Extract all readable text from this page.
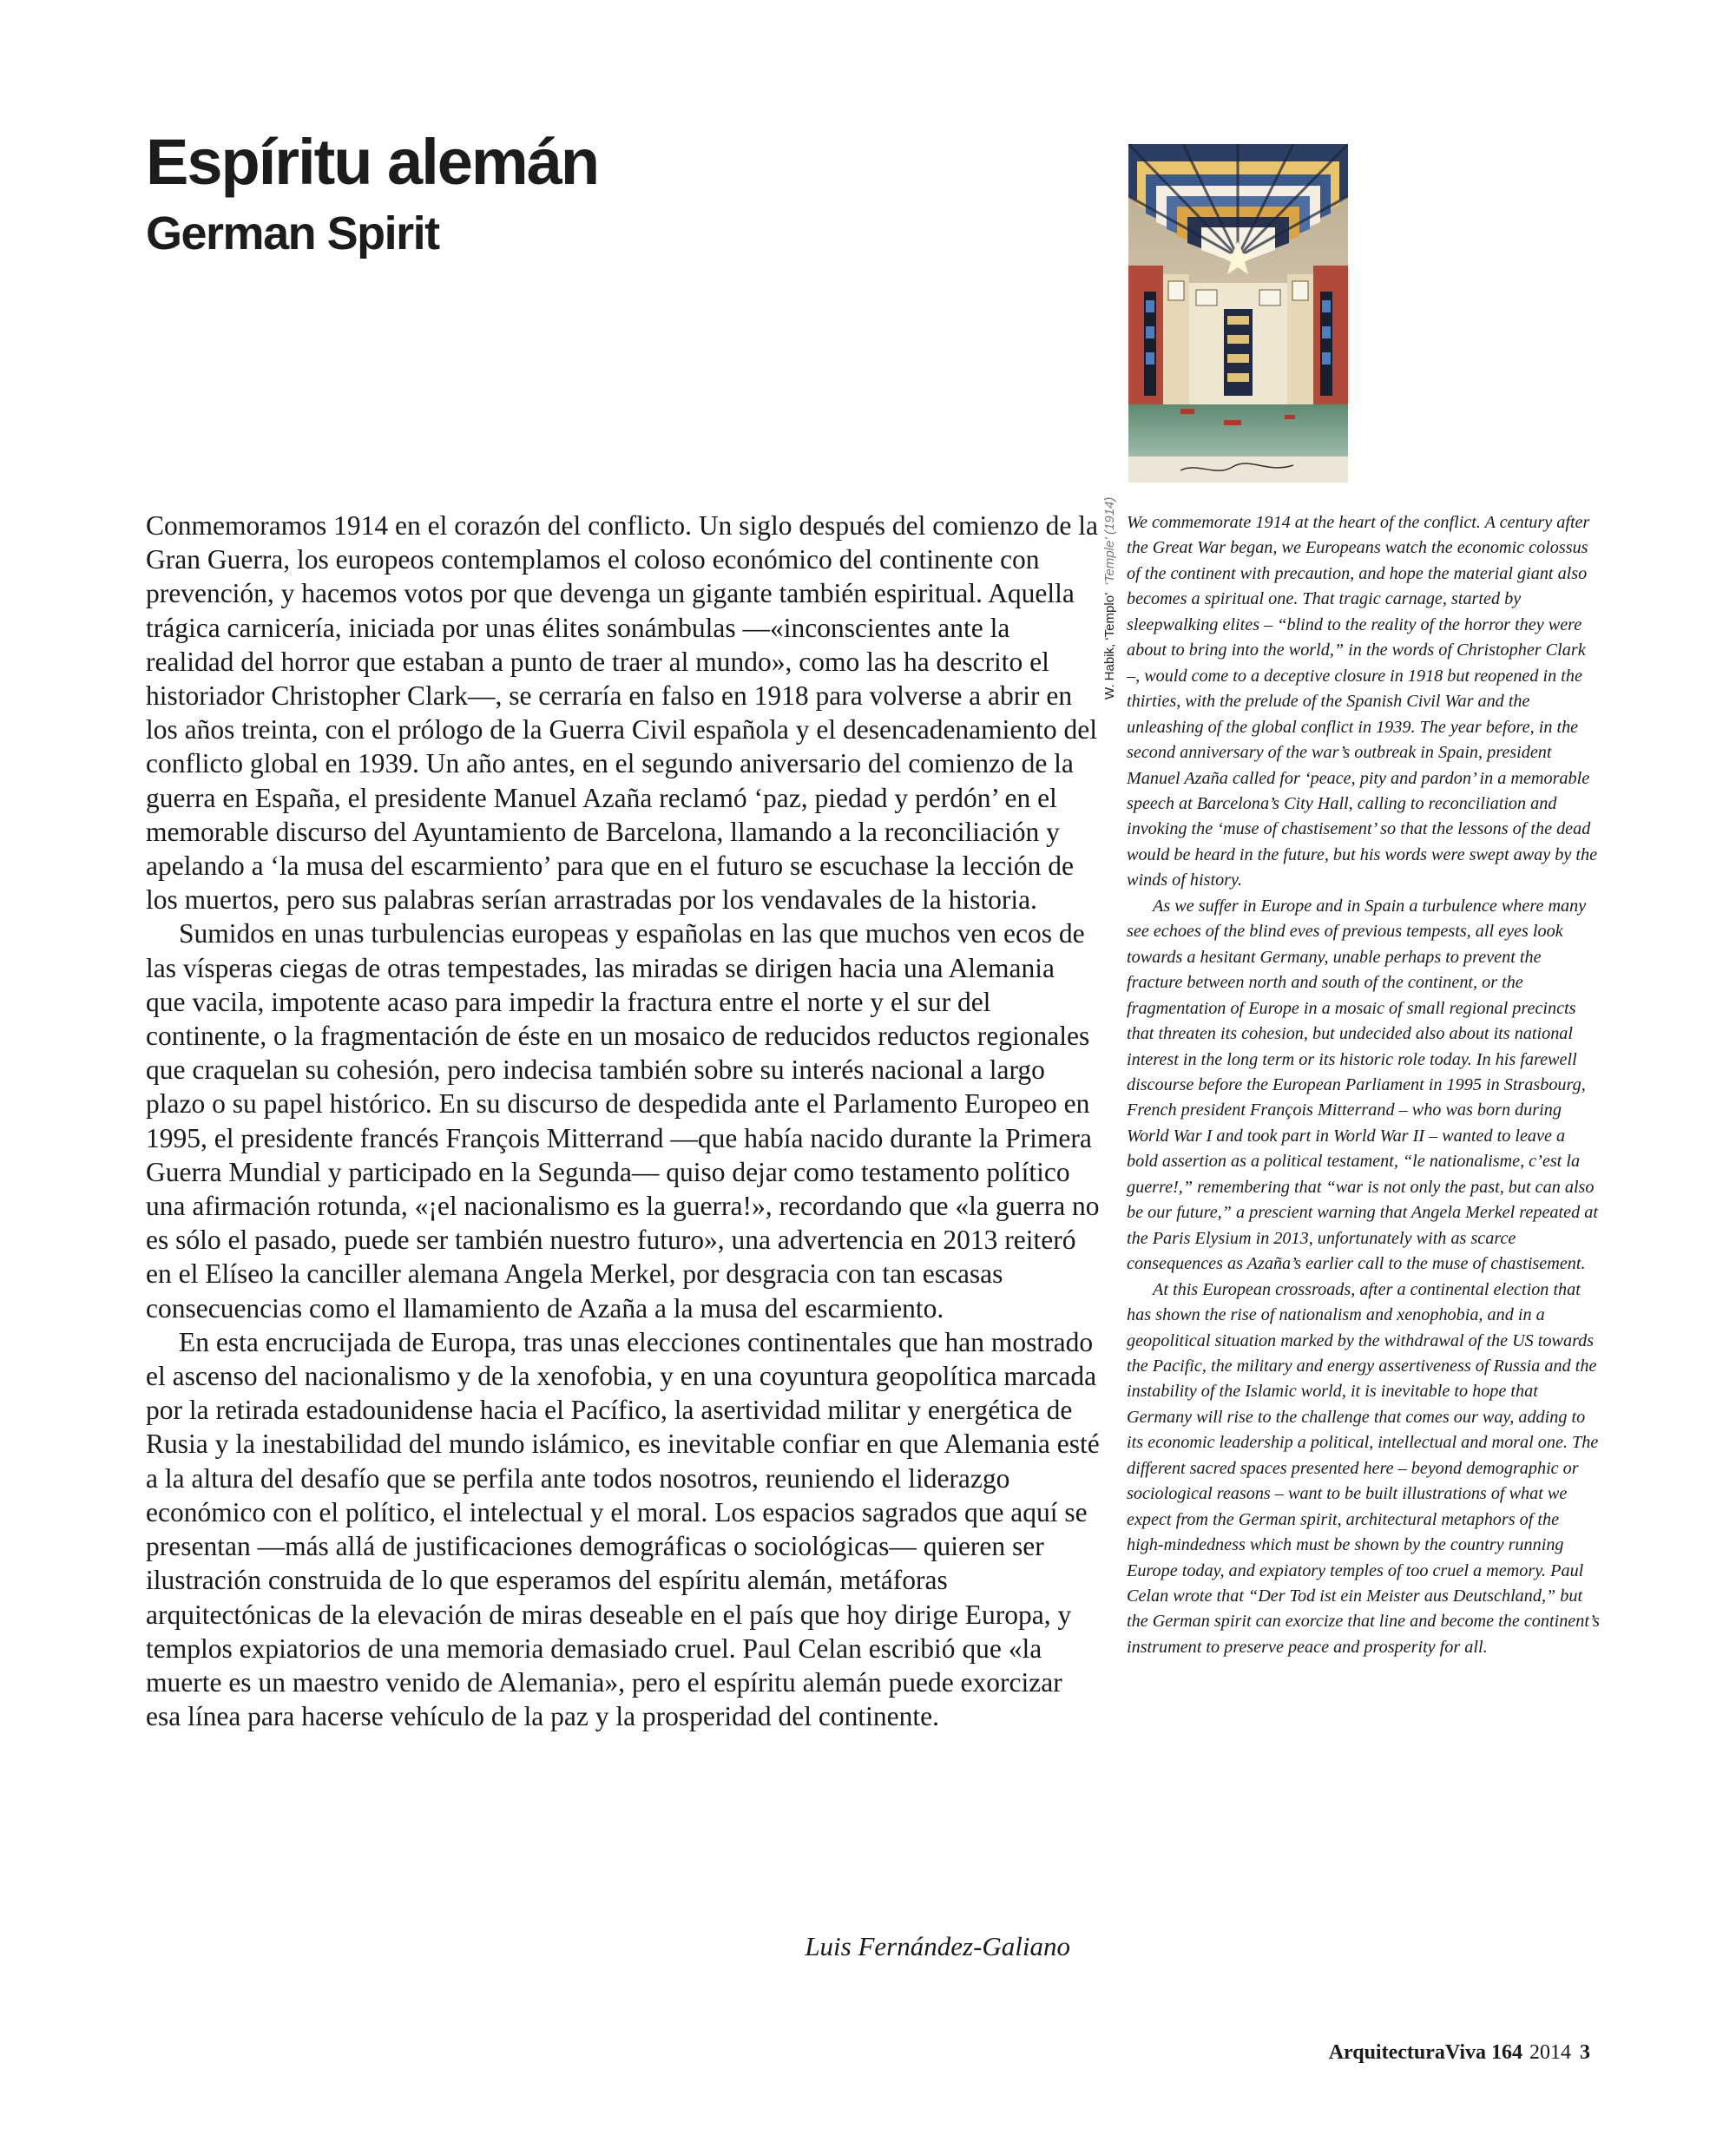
Espíritu alemán
German Spirit
W. Habik, ‘Templo’‘Temple’ (1914)

Conmemoramos 1914 en el corazón del conflicto. Un siglo después del comienzo de la Gran Guerra, los europeos contemplamos el coloso económico del continente con prevención, y hacemos votos por que devenga un gigante también espiritual. Aquella trágica carnicería, iniciada por unas élites sonámbulas —«inconscientes ante la realidad del horror que estaban a punto de traer al mundo», como las ha descrito el historiador Christopher Clark—, se cerraría en falso en 1918 para volverse a abrir en los años treinta, con el prólogo de la Guerra Civil española y el desencadenamiento del conflicto global en 1939. Un año antes, en el segundo aniversario del comienzo de la guerra en España, el presidente Manuel Azaña reclamó ‘paz, piedad y perdón’ en el memorable discurso del Ayuntamiento de Barcelona, llamando a la reconciliación y apelando a ‘la musa del escarmiento’ para que en el futuro se escuchase la lección de los muertos, pero sus palabras serían arrastradas por los vendavales de la historia.

Sumidos en unas turbulencias europeas y españolas en las que muchos ven ecos de las vísperas ciegas de otras tempestades, las miradas se dirigen hacia una Alemania que vacila, impotente acaso para impedir la fractura entre el norte y el sur del continente, o la fragmentación de éste en un mosaico de reducidos reductos regionales que craquelan su cohesión, pero indecisa también sobre su interés nacional a largo plazo o su papel histórico. En su discurso de despedida ante el Parlamento Europeo en 1995, el presidente francés François Mitterrand —que había nacido durante la Primera Guerra Mundial y participado en la Segunda— quiso dejar como testamento político una afirmación rotunda, «¡el nacionalismo es la guerra!», recordando que «la guerra no es sólo el pasado, puede ser también nuestro futuro», una advertencia en 2013 reiteró en el Elíseo la canciller alemana Angela Merkel, por desgracia con tan escasas consecuencias como el llamamiento de Azaña a la musa del escarmiento.

En esta encrucijada de Europa, tras unas elecciones continentales que han mostrado el ascenso del nacionalismo y de la xenofobia, y en una coyuntura geopolítica marcada por la retirada estadounidense hacia el Pacífico, la asertividad militar y energética de Rusia y la inestabilidad del mundo islámico, es inevitable confiar en que Alemania esté a la altura del desafío que se perfila ante todos nosotros, reuniendo el liderazgo económico con el político, el intelectual y el moral. Los espacios sagrados que aquí se presentan —más allá de justificaciones demográficas o sociológicas— quieren ser ilustración construida de lo que esperamos del espíritu alemán, metáforas arquitectónicas de la elevación de miras deseable en el país que hoy dirige Europa, y templos expiatorios de una memoria demasiado cruel. Paul Celan escribió que «la muerte es un maestro venido de Alemania», pero el espíritu alemán puede exorcizar esa línea para hacerse vehículo de la paz y la prosperidad del continente.

Luis Fernández-Galiano

We commemorate 1914 at the heart of the conflict. A century after the Great War began, we Europeans watch the economic colossus of the continent with precaution, and hope the material giant also becomes a spiritual one. That tragic carnage, started by sleepwalking elites – “blind to the reality of the horror they were about to bring into the world,” in the words of Christopher Clark –, would come to a deceptive closure in 1918 but reopened in the thirties, with the prelude of the Spanish Civil War and the unleashing of the global conflict in 1939. The year before, in the second anniversary of the war’s outbreak in Spain, president Manuel Azaña called for ‘peace, pity and pardon’ in a memorable speech at Barcelona’s City Hall, calling to reconciliation and invoking the ‘muse of chastisement’ so that the lessons of the dead would be heard in the future, but his words were swept away by the winds of history.

As we suffer in Europe and in Spain a turbulence where many see echoes of the blind eves of previous tempests, all eyes look towards a hesitant Germany, unable perhaps to prevent the fracture between north and south of the continent, or the fragmentation of Europe in a mosaic of small regional precincts that threaten its cohesion, but undecided also about its national interest in the long term or its historic role today. In his farewell discourse before the European Parliament in 1995 in Strasbourg, French president François Mitterrand – who was born during World War I and took part in World War II – wanted to leave a bold assertion as a political testament, “le nationalisme, c’est la guerre!,” remembering that “war is not only the past, but can also be our future,” a prescient warning that Angela Merkel repeated at the Paris Elysium in 2013, unfortunately with as scarce consequences as Azaña’s earlier call to the muse of chastisement.

At this European crossroads, after a continental election that has shown the rise of nationalism and xenophobia, and in a geopolitical situation marked by the withdrawal of the US towards the Pacific, the military and energy assertiveness of Russia and the instability of the Islamic world, it is inevitable to hope that Germany will rise to the challenge that comes our way, adding to its economic leadership a political, intellectual and moral one. The different sacred spaces presented here – beyond demographic or sociological reasons – want to be built illustrations of what we expect from the German spirit, architectural metaphors of the high-mindedness which must be shown by the country running Europe today, and expiatory temples of too cruel a memory. Paul Celan wrote that “Der Tod ist ein Meister aus Deutschland,” but the German spirit can exorcize that line and become the continent’s instrument to preserve peace and prosperity for all.

ArquitecturaViva 164 2014 3
